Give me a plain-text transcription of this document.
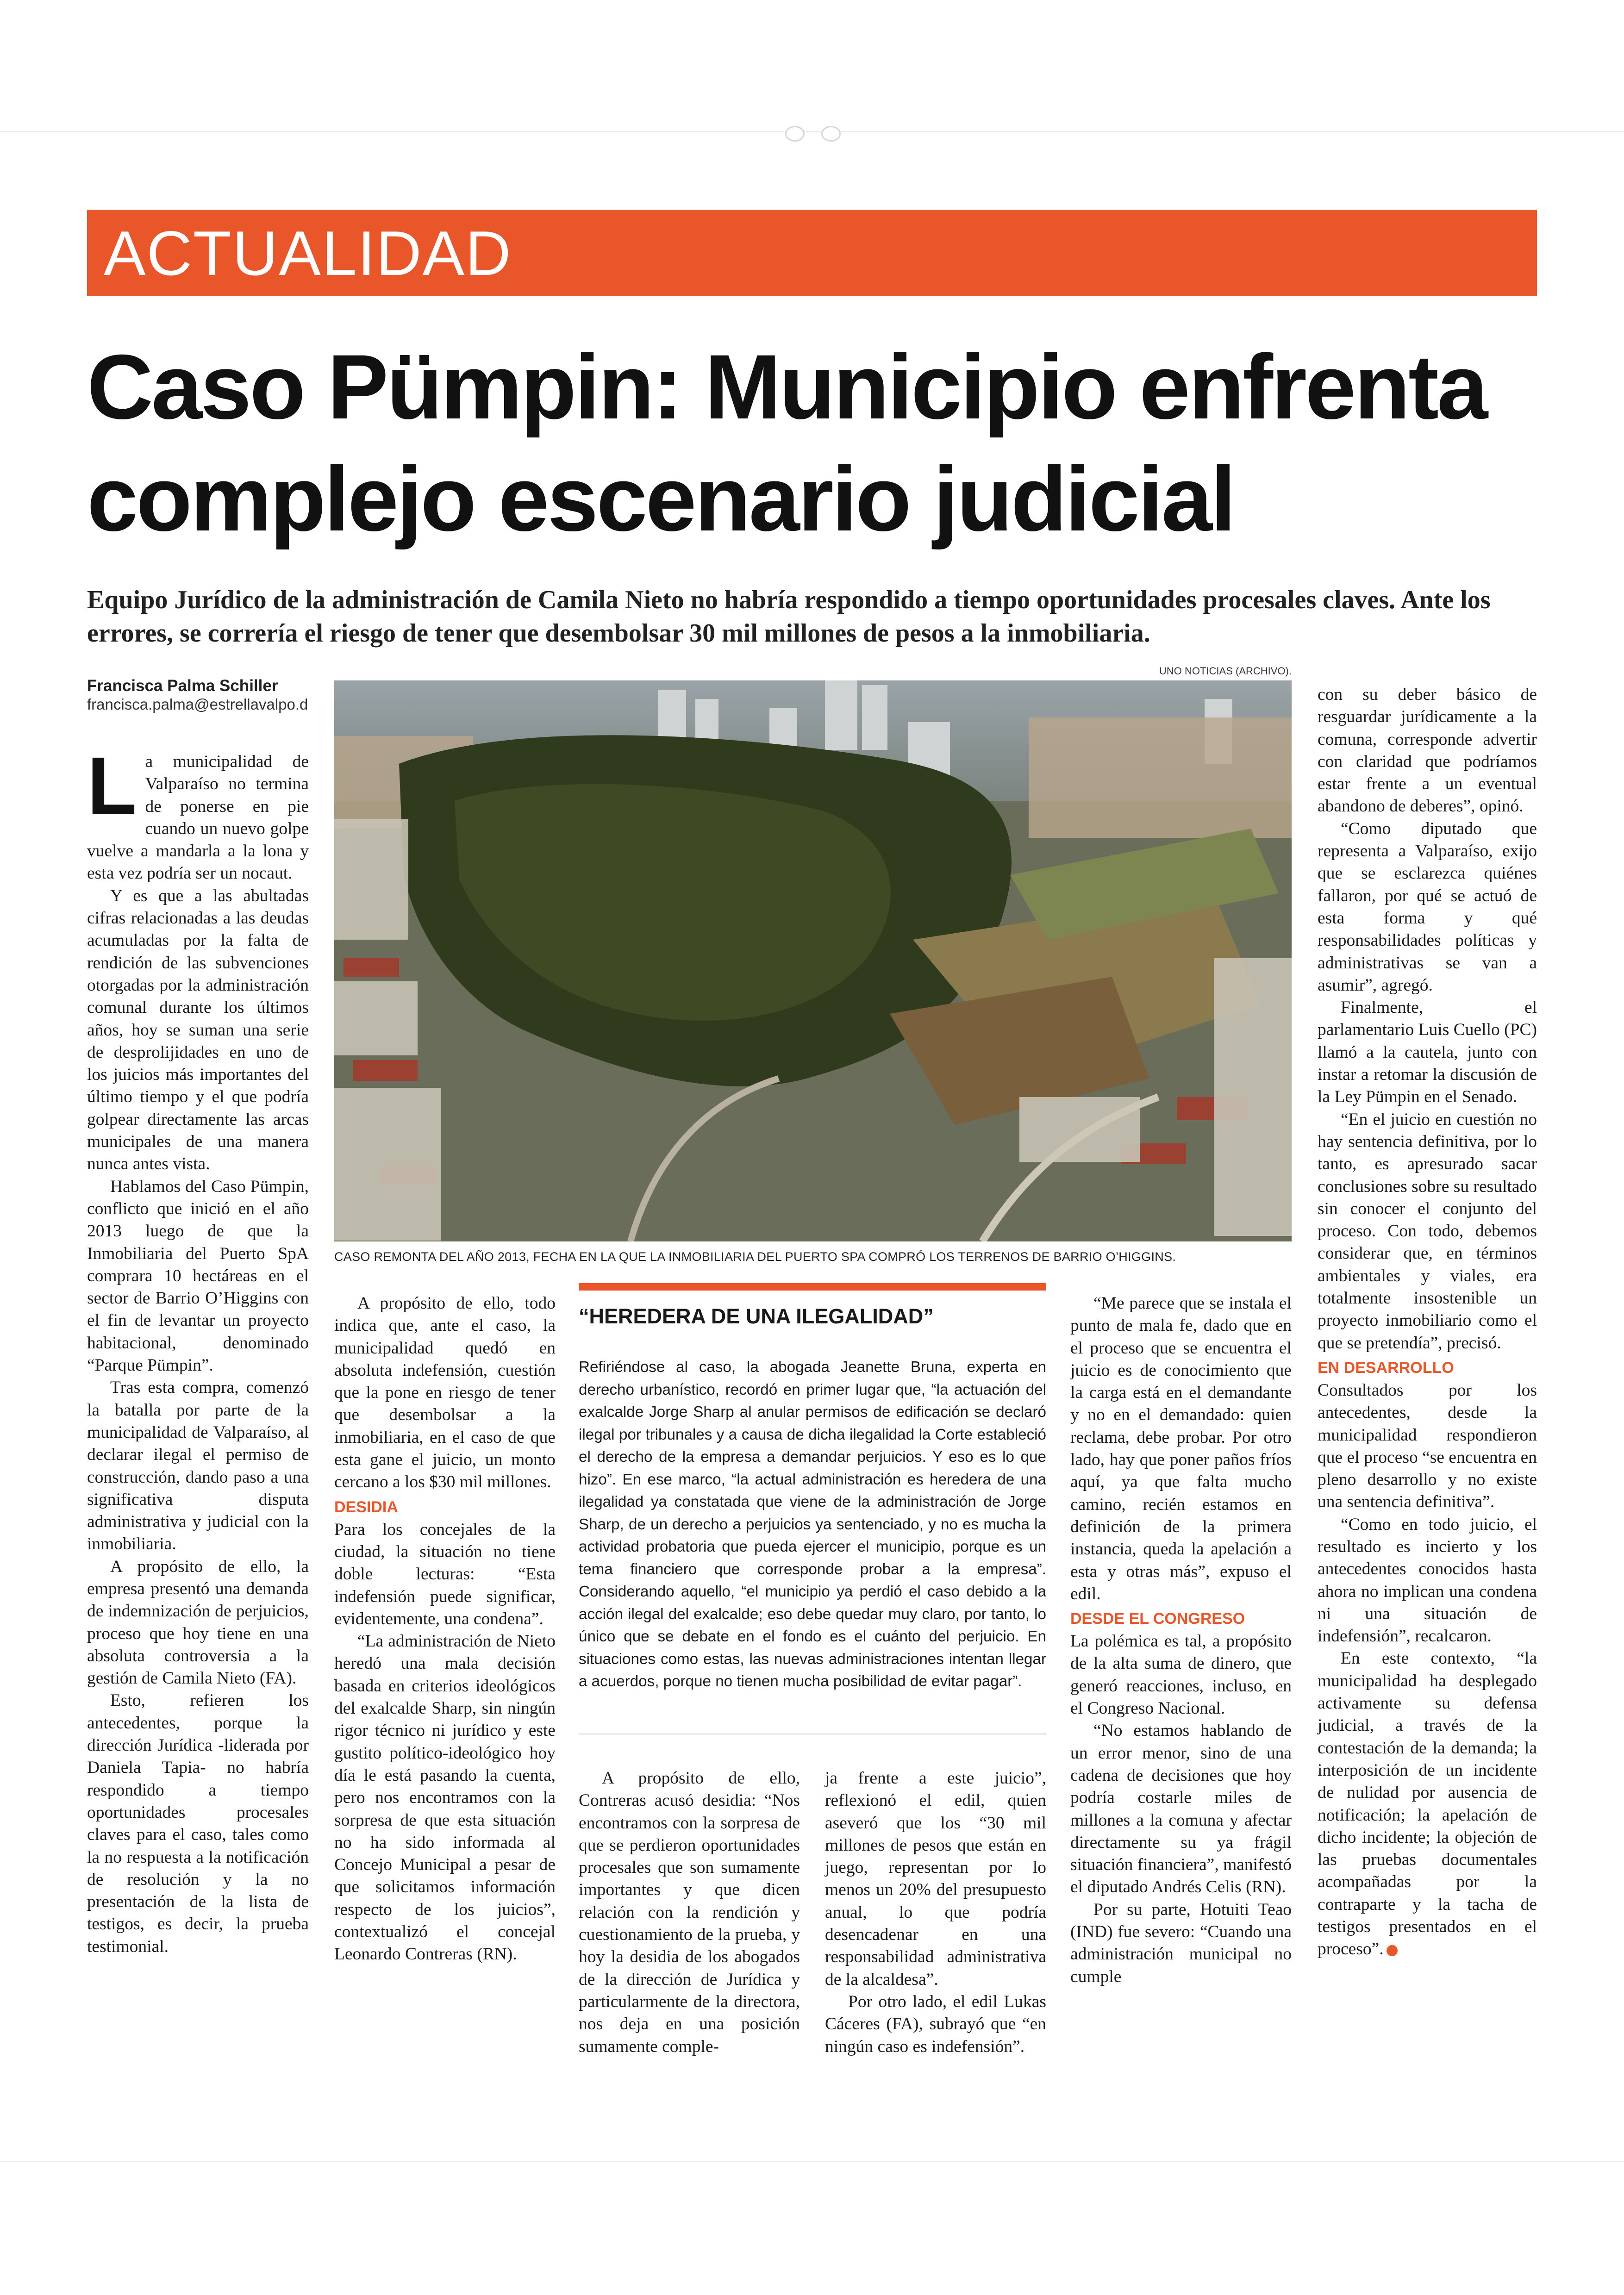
ACTUALIDAD
Caso Pümpin: Municipio enfrenta complejo escenario judicial
Equipo Jurídico de la administración de Camila Nieto no habría respondido a tiempo oportunidades procesales claves. Ante los errores, se correría el riesgo de tener que desembolsar 30 mil millones de pesos a la inmobiliaria.
Francisca Palma Schiller
francisca.palma@estrellavalpo.d
UNO NOTICIAS (ARCHIVO).
CASO REMONTA DEL AÑO 2013, FECHA EN LA QUE LA INMOBILIARIA DEL PUERTO SPA COMPRÓ LOS TERRENOS DE BARRIO O’HIGGINS.

La municipalidad de Valparaíso no termina de ponerse en pie cuando un nuevo golpe vuelve a mandarla a la lona y esta vez podría ser un nocaut.

Y es que a las abultadas cifras relacionadas a las deudas acumuladas por la falta de rendición de las subvenciones otorgadas por la administración comunal durante los últimos años, hoy se suman una serie de desprolijidades en uno de los juicios más importantes del último tiempo y el que podría golpear directamente las arcas municipales de una manera nunca antes vista.

Hablamos del Caso Pümpin, conflicto que inició en el año 2013 luego de que la Inmobiliaria del Puerto SpA comprara 10 hectáreas en el sector de Barrio O’Higgins con el fin de levantar un proyecto habitacional, denominado “Parque Pümpin”.

Tras esta compra, comenzó la batalla por parte de la municipalidad de Valparaíso, al declarar ilegal el permiso de construcción, dando paso a una significativa disputa administrativa y judicial con la inmobiliaria.

A propósito de ello, la empresa presentó una demanda de indemnización de perjuicios, proceso que hoy tiene en una absoluta controversia a la gestión de Camila Nieto (FA).

Esto, refieren los antecedentes, porque la dirección Jurídica -liderada por Daniela Tapia- no habría respondido a tiempo oportunidades procesales claves para el caso, tales como la no respuesta a la notificación de resolución y la no presentación de la lista de testigos, es decir, la prueba testimonial.

A propósito de ello, todo indica que, ante el caso, la municipalidad quedó en absoluta indefensión, cuestión que la pone en riesgo de tener que desembolsar a la inmobiliaria, en el caso de que esta gane el juicio, un monto cercano a los $30 mil millones.

DESIDIA

Para los concejales de la ciudad, la situación no tiene doble lecturas: “Esta indefensión puede significar, evidentemente, una condena”.

“La administración de Nieto heredó una mala decisión basada en criterios ideológicos del exalcalde Sharp, sin ningún rigor técnico ni jurídico y este gustito político-ideológico hoy día le está pasando la cuenta, pero nos encontramos con la sorpresa de que esta situación no ha sido informada al Concejo Municipal a pesar de que solicitamos información respecto de los juicios”, contextualizó el concejal Leonardo Contreras (RN).

“HEREDERA DE UNA ILEGALIDAD”
Refiriéndose al caso, la abogada Jeanette Bruna, experta en derecho urbanístico, recordó en primer lugar que, “la actuación del exalcalde Jorge Sharp al anular permisos de edificación se declaró ilegal por tribunales y a causa de dicha ilegalidad la Corte estableció el derecho de la empresa a demandar perjuicios. Y eso es lo que hizo”. En ese marco, “la actual administración es heredera de una ilegalidad ya constatada que viene de la administración de Jorge Sharp, de un derecho a perjuicios ya sentenciado, y no es mucha la actividad probatoria que pueda ejercer el municipio, porque es un tema financiero que corresponde probar a la empresa”. Considerando aquello, “el municipio ya perdió el caso debido a la acción ilegal del exalcalde; eso debe quedar muy claro, por tanto, lo único que se debate en el fondo es el cuánto del perjuicio. En situaciones como estas, las nuevas administraciones intentan llegar a acuerdos, porque no tienen mucha posibilidad de evitar pagar”.

A propósito de ello, Contreras acusó desidia: “Nos encontramos con la sorpresa de que se perdieron oportunidades procesales que son sumamente importantes y que dicen relación con la rendición y cuestionamiento de la prueba, y hoy la desidia de los abogados de la dirección de Jurídica y particularmente de la directora, nos deja en una posición sumamente comple-

ja frente a este juicio”, reflexionó el edil, quien aseveró que los “30 mil millones de pesos que están en juego, representan por lo menos un 20% del presupuesto anual, lo que podría desencadenar en una responsabilidad administrativa de la alcaldesa”.

Por otro lado, el edil Lukas Cáceres (FA), subrayó que “en ningún caso es indefensión”.

“Me parece que se instala el punto de mala fe, dado que en el proceso que se encuentra el juicio es de conocimiento que la carga está en el demandante y no en el demandado: quien reclama, debe probar. Por otro lado, hay que poner paños fríos aquí, ya que falta mucho camino, recién estamos en definición de la primera instancia, queda la apelación a esta y otras más”, expuso el edil.

DESDE EL CONGRESO

La polémica es tal, a propósito de la alta suma de dinero, que generó reacciones, incluso, en el Congreso Nacional.

“No estamos hablando de un error menor, sino de una cadena de decisiones que hoy podría costarle miles de millones a la comuna y afectar directamente su ya frágil situación financiera”, manifestó el diputado Andrés Celis (RN).

Por su parte, Hotuiti Teao (IND) fue severo: “Cuando una administración municipal no cumple

con su deber básico de resguardar jurídicamente a la comuna, corresponde advertir con claridad que podríamos estar frente a un eventual abandono de deberes”, opinó.

“Como diputado que representa a Valparaíso, exijo que se esclarezca quiénes fallaron, por qué se actuó de esta forma y qué responsabilidades políticas y administrativas se van a asumir”, agregó.

Finalmente, el parlamentario Luis Cuello (PC) llamó a la cautela, junto con instar a retomar la discusión de la Ley Pümpin en el Senado.

“En el juicio en cuestión no hay sentencia definitiva, por lo tanto, es apresurado sacar conclusiones sobre su resultado sin conocer el conjunto del proceso. Con todo, debemos considerar que, en términos ambientales y viales, era totalmente insostenible un proyecto inmobiliario como el que se pretendía”, precisó.

EN DESARROLLO

Consultados por los antecedentes, desde la municipalidad respondieron que el proceso “se encuentra en pleno desarrollo y no existe una sentencia definitiva”.

“Como en todo juicio, el resultado es incierto y los antecedentes conocidos hasta ahora no implican una condena ni una situación de indefensión”, recalcaron.

En este contexto, “la municipalidad ha desplegado activamente su defensa judicial, a través de la contestación de la demanda; la interposición de un incidente de nulidad por ausencia de notificación; la apelación de dicho incidente; la objeción de las pruebas documentales acompañadas por la contraparte y la tacha de testigos presentados en el proceso”.
